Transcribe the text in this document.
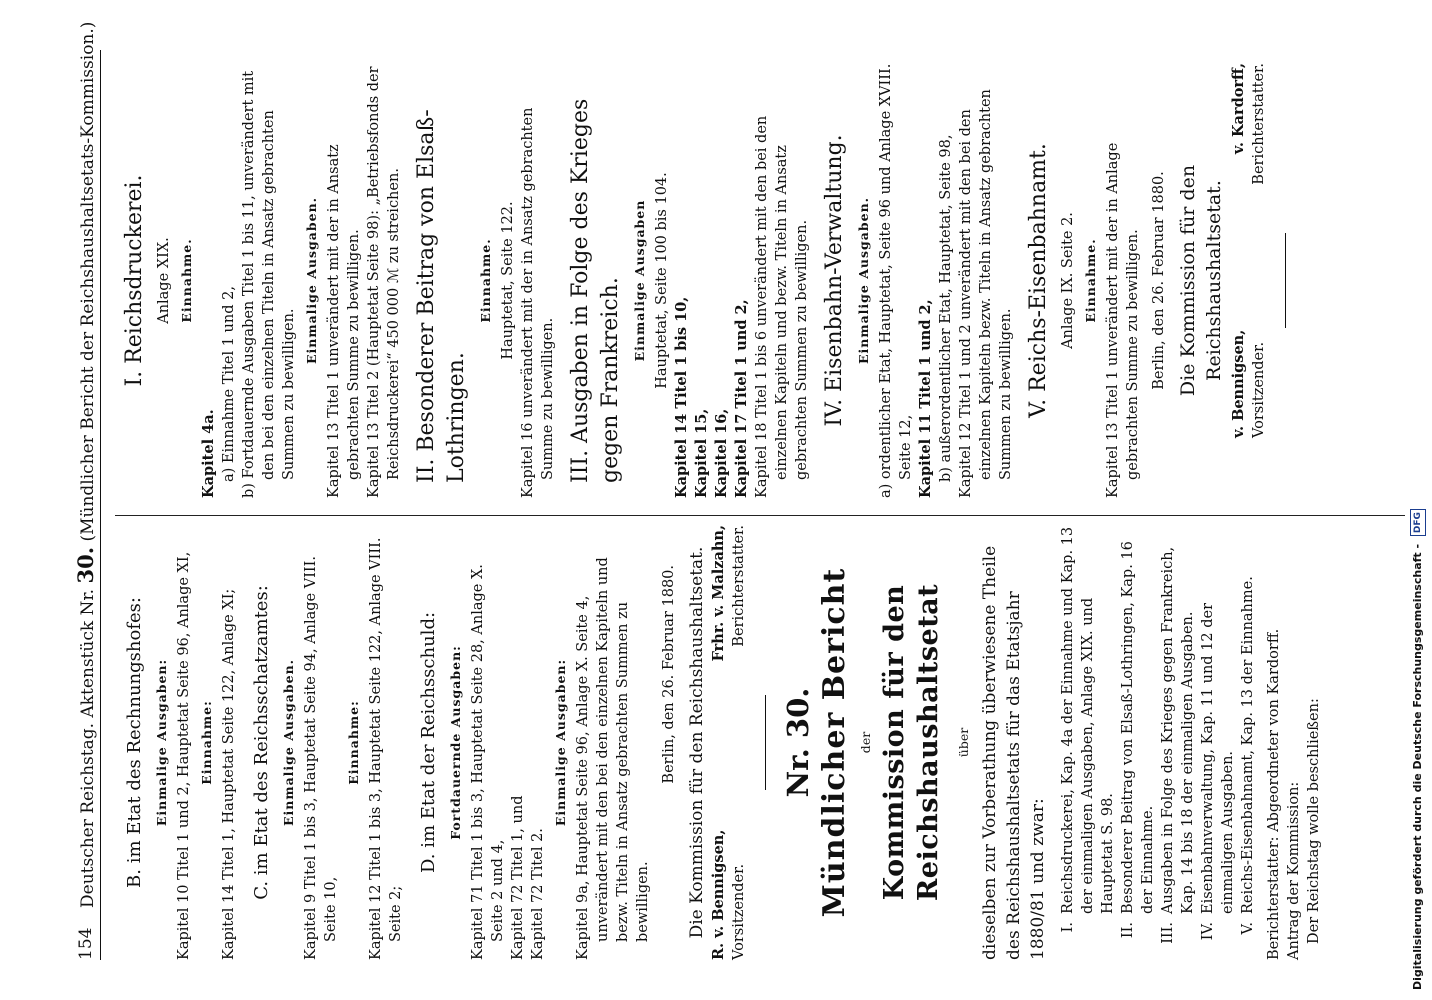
154
Deutscher Reichstag. Aktenstück Nr. 30. (Mündlicher Bericht der Reichshaushaltsetats-Kommission.)

B. im Etat des Rechnungshofes: Einmalige Ausgaben: Kapitel 10 Titel 1 und 2, Hauptetat Seite 96, Anlage XI, Einnahme: Kapitel 14 Titel 1, Hauptetat Seite 122, Anlage XI; C. im Etat des Reichsschatzamtes: Einmalige Ausgaben. Kapitel 9 Titel 1 bis 3, Hauptetat Seite 94, Anlage VIII. Seite 10,

Einnahme: Kapitel 12 Titel 1 bis 3, Hauptetat Seite 122, Anlage VIII. Seite 2;

D. im Etat der Reichsschuld: Fortdauernde Ausgaben: Kapitel 71 Titel 1 bis 3, Hauptetat Seite 28, Anlage X. Seite 2 und 4, Kapitel 72 Titel 1, und Kapitel 72 Titel 2.

Einmalige Ausgaben: Kapitel 9a, Hauptetat Seite 96, Anlage X. Seite 4, unverändert mit den bei den einzelnen Kapiteln und bezw. Titeln in Ansatz gebrachten Summen zu bewilligen.

Berlin, den 26. Februar 1880. Die Kommission für den Reichshaushaltsetat. R. v. Bennigsen, Vorsitzender.
Frhr. v. Malzahn, Berichterstatter.

Nr. 30. Mündlicher Bericht der Kommission für den Reichshaushaltsetat über dieselben zur Vorberathung überwiesene Theile des Reichshaushaltsetats für das Etatsjahr 1880/81 und zwar: I.
Reichsdruckerei, Kap. 4a der Einnahme und Kap. 13 der einmaligen Ausgaben, Anlage XIX. und Hauptetat S. 98.
II.
Besonderer Beitrag von Elsaß-Lothringen, Kap. 16 der Einnahme.
III.
Ausgaben in Folge des Krieges gegen Frankreich, Kap. 14 bis 18 der einmaligen Ausgaben.
IV.
Eisenbahnverwaltung, Kap. 11 und 12 der einmaligen Ausgaben.
V.
Reichs-Eisenbahnamt, Kap. 13 der Einnahme. Berichterstatter: Abgeordneter von Kardorff. Antrag der Kommission: Der Reichstag wolle beschließen:

I. Reichsdruckerei. Anlage XIX. Einnahme.

Kapitel 4a. a) Einnahme Titel 1 und 2, b) Fortdauernde Ausgaben Titel 1 bis 11, unverändert mit den bei den einzelnen Titeln in Ansatz gebrachten Summen zu bewilligen.

Einmalige Ausgaben. Kapitel 13 Titel 1 unverändert mit der in Ansatz gebrachten Summe zu bewilligen. Kapitel 13 Titel 2 (Hauptetat Seite 98): „Betriebsfonds der Reichsdruckerei“ 450 000 ℳ zu streichen. II. Besonderer Beitrag von Elsaß-Lothringen.

Einnahme. Hauptetat, Seite 122. Kapitel 16 unverändert mit der in Ansatz gebrachten Summe zu bewilligen. III. Ausgaben in Folge des Krieges gegen Frankreich. Einmalige Ausgaben Hauptetat, Seite 100 bis 104.

Kapitel 14 Titel 1 bis 10, Kapitel 15, Kapitel 16, Kapitel 17 Titel 1 und 2, Kapitel 18 Titel 1 bis 6 unverändert mit den bei den einzelnen Kapiteln und bezw. Titeln in Ansatz gebrachten Summen zu bewilligen. IV. Eisenbahn-Verwaltung. Einmalige Ausgaben. a) ordentlicher Etat, Hauptetat, Seite 96 und Anlage XVIII. Seite 12, Kapitel 11 Titel 1 und 2, b) außerordentlicher Etat, Hauptetat, Seite 98, Kapitel 12 Titel 1 und 2 unverändert mit den bei den einzelnen Kapiteln bezw. Titeln in Ansatz gebrachten Summen zu bewilligen. V. Reichs-Eisenbahnamt. Anlage IX. Seite 2. Einnahme. Kapitel 13 Titel 1 unverändert mit der in Anlage gebrachten Summe zu bewilligen. Berlin, den 26. Februar 1880. Die Kommission für den Reichshaushaltsetat.

v. Bennigsen, Vorsitzender.
v. Kardorff, Berichterstatter.
Digitalisierung gefördert durch die Deutsche Forschungsgemeinschaft - DFG
